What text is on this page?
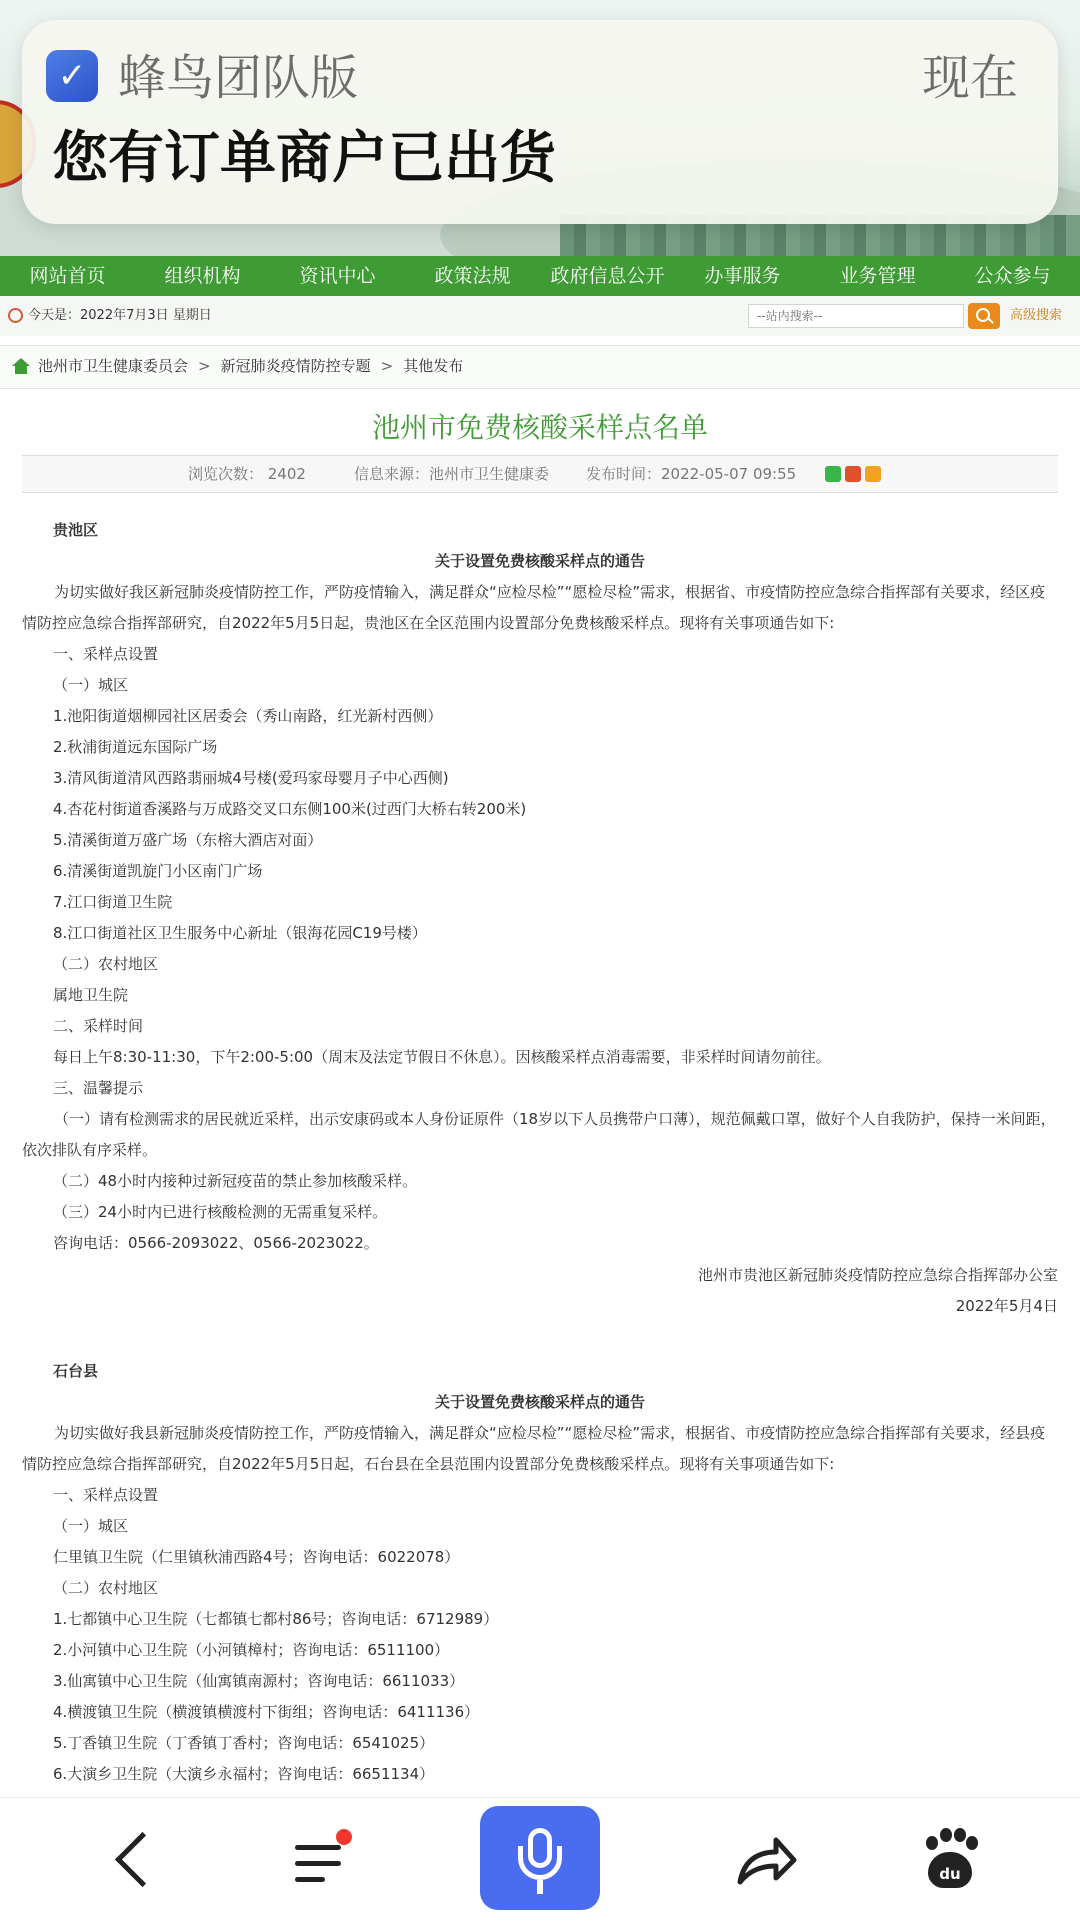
✓ 蜂鸟团队版	现在
您有订单商户已出货
网站首页	组织机构	资讯中心	政策法规	政府信息公开	办事服务	业务管理	公众参与
今天是：2022年7月3日 星期日
--站内搜索--	高级搜索
池州市卫生健康委员会 > 新冠肺炎疫情防控专题 > 其他发布
池州市免费核酸采样点名单
浏览次数： 2402	信息来源：池州市卫生健康委 发布时间：2022-05-07 09:55
贵池区
关于设置免费核酸采样点的通告
为切实做好我区新冠肺炎疫情防控工作，严防疫情输入，满足群众“应检尽检”“愿检尽检”需求，根据省、市疫情防控应急综合指挥部有关要求，经区疫情防控应急综合指挥部研究，自2022年5月5日起，贵池区在全区范围内设置部分免费核酸采样点。现将有关事项通告如下:
一、采样点设置
（一）城区
1.池阳街道烟柳园社区居委会（秀山南路，红光新村西侧）
2.秋浦街道远东国际广场
3.清风街道清风西路翡丽城4号楼(爱玛家母婴月子中心西侧)
4.杏花村街道香溪路与万成路交叉口东侧100米(过西门大桥右转200米)
5.清溪街道万盛广场（东榕大酒店对面）
6.清溪街道凯旋门小区南门广场
7.江口街道卫生院
8.江口街道社区卫生服务中心新址（银海花园C19号楼）
（二）农村地区
属地卫生院
二、采样时间
每日上午8:30-11:30，下午2:00-5:00（周末及法定节假日不休息）。因核酸采样点消毒需要，非采样时间请勿前往。
三、温馨提示
（一）请有检测需求的居民就近采样，出示安康码或本人身份证原件（18岁以下人员携带户口薄），规范佩戴口罩，做好个人自我防护，保持一米间距，依次排队有序采样。
（二）48小时内接种过新冠疫苗的禁止参加核酸采样。
（三）24小时内已进行核酸检测的无需重复采样。
咨询电话：0566-2093022、0566-2023022。
池州市贵池区新冠肺炎疫情防控应急综合指挥部办公室
2022年5月4日
石台县
关于设置免费核酸采样点的通告
为切实做好我县新冠肺炎疫情防控工作，严防疫情输入，满足群众“应检尽检”“愿检尽检”需求，根据省、市疫情防控应急综合指挥部有关要求，经县疫情防控应急综合指挥部研究，自2022年5月5日起，石台县在全县范围内设置部分免费核酸采样点。现将有关事项通告如下:
一、采样点设置
（一）城区
仁里镇卫生院（仁里镇秋浦西路4号；咨询电话：6022078）
（二）农村地区
1.七都镇中心卫生院（七都镇七都村86号；咨询电话：6712989）
2.小河镇中心卫生院（小河镇樟村；咨询电话：6511100）
3.仙寓镇中心卫生院（仙寓镇南源村；咨询电话：6611033）
4.横渡镇卫生院（横渡镇横渡村下街组；咨询电话：6411136）
5.丁香镇卫生院（丁香镇丁香村；咨询电话：6541025）
6.大演乡卫生院（大演乡永福村；咨询电话：6651134）
du
